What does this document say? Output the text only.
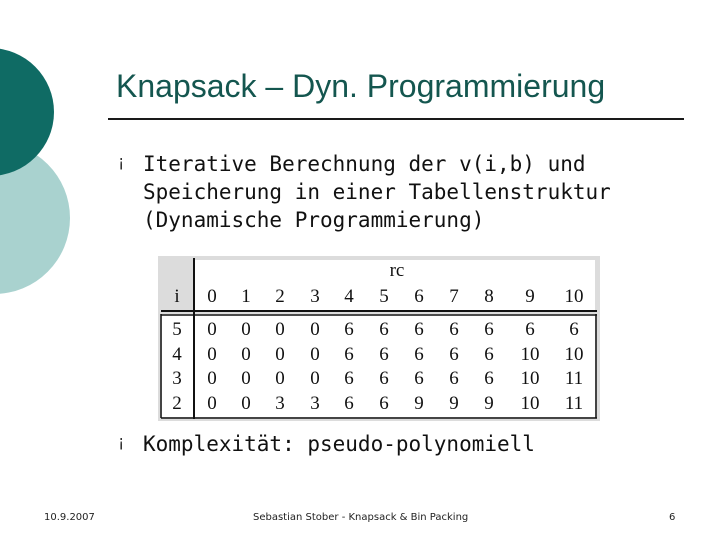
Knapsack – Dyn. Programmierung
¡ Iterative Berechnung der v(i,b) und
Speicherung in einer Tabellenstruktur
(Dynamische Programmierung)
rc
i 0 1 2 3 4 5 6 7 8 9 10
5 0 0 0 0 6 6 6 6 6 6 6
4 0 0 0 0 6 6 6 6 6 10 10
3 0 0 0 0 6 6 6 6 6 10 11
2 0 0 3 3 6 6 9 9 9 10 11
¡ Komplexität: pseudo-polynomiell
10.9.2007	Sebastian Stober - Knapsack & Bin Packing	6
